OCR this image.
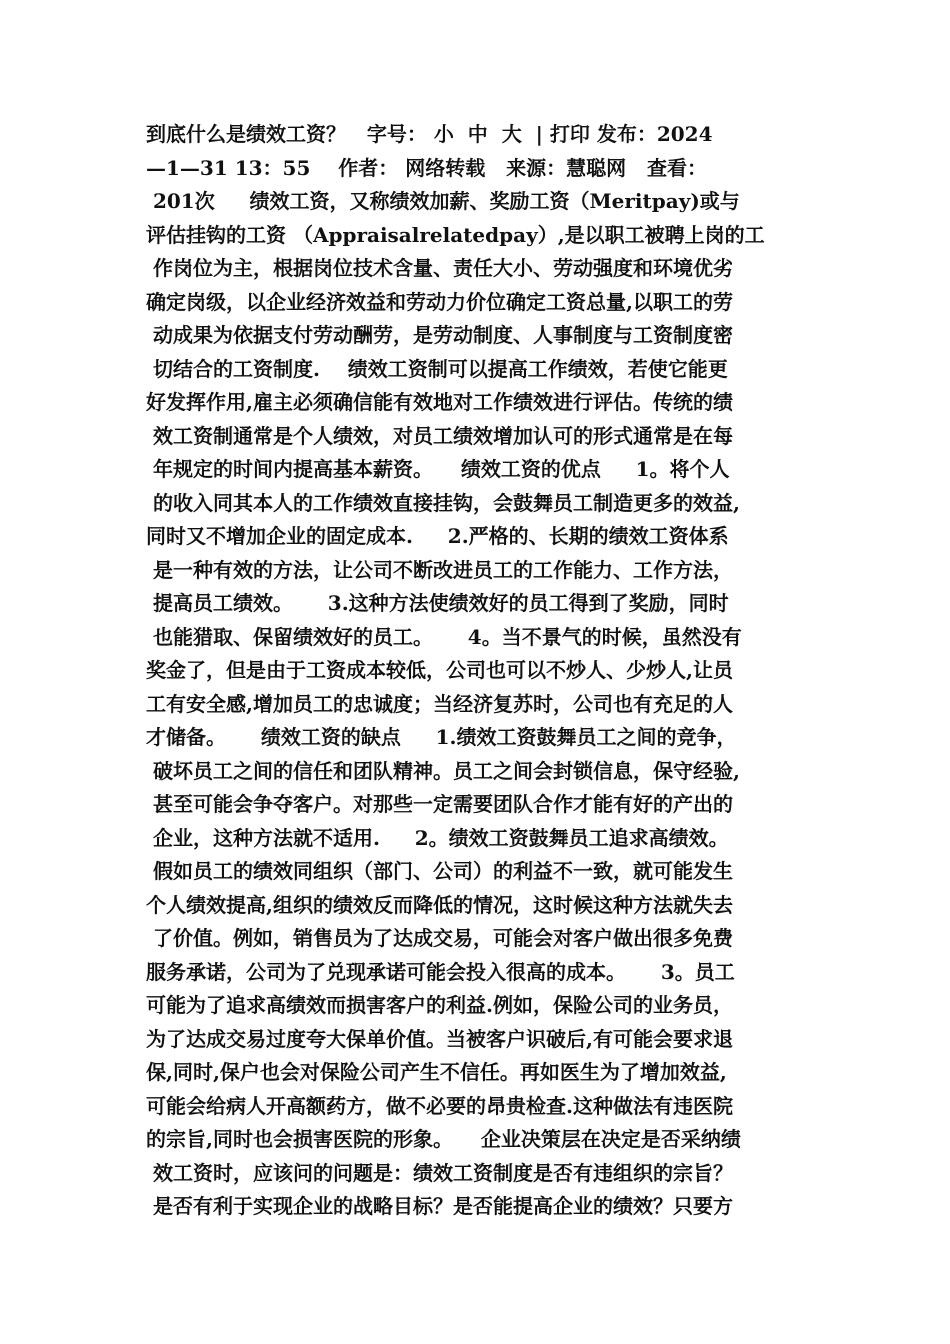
到底什么是绩效工资？   字号： 小  中  大  | 打印 发布：2024
—1—31 13：55    作者： 网络转载   来源：慧聪网   查看：
201次     绩效工资，又称绩效加薪、奖励工资（Meritpay)或与
评估挂钩的工资 （Appraisalrelatedpay）,是以职工被聘上岗的工
作岗位为主，根据岗位技术含量、责任大小、劳动强度和环境优劣
确定岗级，以企业经济效益和劳动力价位确定工资总量,以职工的劳
动成果为依据支付劳动酬劳，是劳动制度、人事制度与工资制度密
切结合的工资制度.    绩效工资制可以提高工作绩效，若使它能更
好发挥作用,雇主必须确信能有效地对工作绩效进行评估。传统的绩
效工资制通常是个人绩效，对员工绩效增加认可的形式通常是在每
年规定的时间内提高基本薪资。    绩效工资的优点     1。将个人
的收入同其本人的工作绩效直接挂钩，会鼓舞员工制造更多的效益,
同时又不增加企业的固定成本.     2.严格的、长期的绩效工资体系
是一种有效的方法，让公司不断改进员工的工作能力、工作方法，
提高员工绩效。     3.这种方法使绩效好的员工得到了奖励，同时
也能猎取、保留绩效好的员工。     4。当不景气的时候，虽然没有
奖金了，但是由于工资成本较低，公司也可以不炒人、少炒人,让员
工有安全感,增加员工的忠诚度；当经济复苏时，公司也有充足的人
才储备。     绩效工资的缺点     1.绩效工资鼓舞员工之间的竞争，
破坏员工之间的信任和团队精神。员工之间会封锁信息，保守经验,
甚至可能会争夺客户。对那些一定需要团队合作才能有好的产出的
企业，这种方法就不适用.     2。绩效工资鼓舞员工追求高绩效。
假如员工的绩效同组织（部门、公司）的利益不一致，就可能发生
个人绩效提高,组织的绩效反而降低的情况，这时候这种方法就失去
了价值。例如，销售员为了达成交易，可能会对客户做出很多免费
服务承诺，公司为了兑现承诺可能会投入很高的成本。     3。员工
可能为了追求高绩效而损害客户的利益.例如，保险公司的业务员，
为了达成交易过度夸大保单价值。当被客户识破后,有可能会要求退
保,同时,保户也会对保险公司产生不信任。再如医生为了增加效益,
可能会给病人开高额药方，做不必要的昂贵检查.这种做法有违医院
的宗旨,同时也会损害医院的形象。    企业决策层在决定是否采纳绩
效工资时，应该问的问题是：绩效工资制度是否有违组织的宗旨？
是否有利于实现企业的战略目标？是否能提高企业的绩效？只要方
